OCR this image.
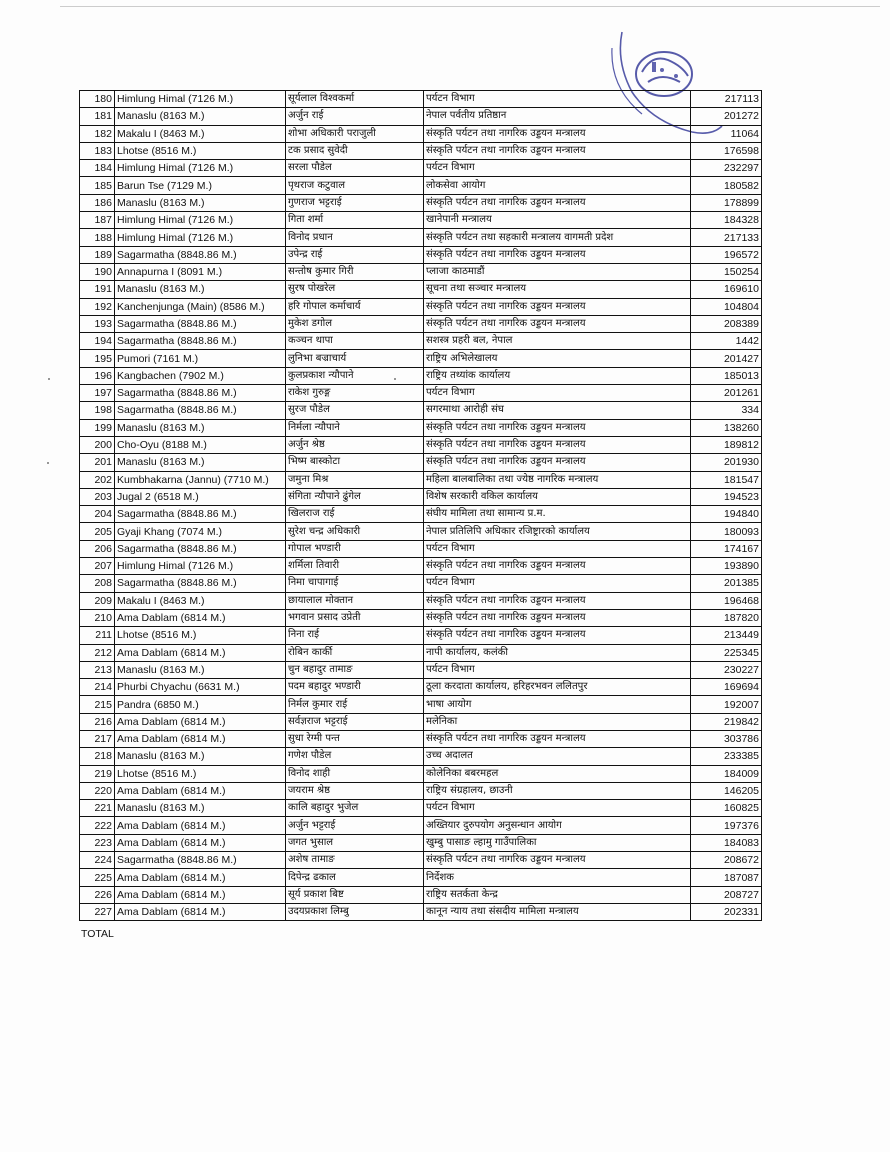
180	Himlung Himal (7126 M.)	सूर्यलाल विश्वकर्मा	पर्यटन विभाग	217113
181	Manaslu (8163 M.)	अर्जुन राई	नेपाल पर्वतीय प्रतिष्ठान	201272
182	Makalu I (8463 M.)	शोभा अधिकारी पराजुली	संस्कृति पर्यटन तथा नागरिक उड्डयन मन्त्रालय	11064
183	Lhotse (8516 M.)	टक प्रसाद सुवेदी	संस्कृति पर्यटन तथा नागरिक उड्डयन मन्त्रालय	176598
184	Himlung Himal (7126 M.)	सरला पौडेल	पर्यटन विभाग	232297
185	Barun Tse (7129 M.)	पृथराज कटुवाल	लोकसेवा आयोग	180582
186	Manaslu (8163 M.)	गुणराज भट्टराई	संस्कृति पर्यटन तथा नागरिक उड्डयन मन्त्रालय	178899
187	Himlung Himal (7126 M.)	गिता शर्मा	खानेपानी मन्त्रालय	184328
188	Himlung Himal (7126 M.)	विनोद प्रधान	संस्कृति पर्यटन तथा सहकारी मन्त्रालय वागमती प्रदेश	217133
189	Sagarmatha (8848.86 M.)	उपेन्द्र राई	संस्कृति पर्यटन तथा नागरिक उड्डयन मन्त्रालय	196572
190	Annapurna I (8091 M.)	सन्तोष कुमार गिरी	प्लाजा काठमाडौं	150254
191	Manaslu (8163 M.)	सुरष पोखरेल	सूचना तथा सञ्चार मन्त्रालय	169610
192	Kanchenjunga (Main) (8586 M.)	हरि गोपाल कर्माचार्य	संस्कृति पर्यटन तथा नागरिक उड्डयन मन्त्रालय	104804
193	Sagarmatha (8848.86 M.)	मुकेश डगोल	संस्कृति पर्यटन तथा नागरिक उड्डयन मन्त्रालय	208389
194	Sagarmatha (8848.86 M.)	कञ्चन थापा	सशस्त्र प्रहरी बल, नेपाल	1442
195	Pumori (7161 M.)	लुनिभा बज्राचार्य	राष्ट्रिय अभिलेखालय	201427
196	Kangbachen (7902 M.)	कुलप्रकाश न्यौपाने	राष्ट्रिय तथ्यांक कार्यालय	185013
197	Sagarmatha (8848.86 M.)	राकेश गुरुङ्ग	पर्यटन विभाग	201261
198	Sagarmatha (8848.86 M.)	सुरज पौडेल	सगरमाथा आरोही संघ	334
199	Manaslu (8163 M.)	निर्मला न्यौपाने	संस्कृति पर्यटन तथा नागरिक उड्डयन मन्त्रालय	138260
200	Cho-Oyu (8188 M.)	अर्जुन श्रेष्ठ	संस्कृति पर्यटन तथा नागरिक उड्डयन मन्त्रालय	189812
201	Manaslu (8163 M.)	भिष्म बास्कोटा	संस्कृति पर्यटन तथा नागरिक उड्डयन मन्त्रालय	201930
202	Kumbhakarna (Jannu) (7710 M.)	जमुना मिश्र	महिला बालबालिका तथा ज्येष्ठ नागरिक मन्त्रालय	181547
203	Jugal 2 (6518 M.)	संगिता न्यौपाने ढुंगेल	विशेष सरकारी वकिल कार्यालय	194523
204	Sagarmatha (8848.86 M.)	खिलराज राई	संघीय मामिला तथा सामान्य प्र.म.	194840
205	Gyaji Khang (7074 M.)	सुरेश चन्द्र अधिकारी	नेपाल प्रतिलिपि अधिकार रजिष्ट्रारको कार्यालय	180093
206	Sagarmatha (8848.86 M.)	गोपाल भण्डारी	पर्यटन विभाग	174167
207	Himlung Himal (7126 M.)	शर्मिला तिवारी	संस्कृति पर्यटन तथा नागरिक उड्डयन मन्त्रालय	193890
208	Sagarmatha (8848.86 M.)	निमा चापागाई	पर्यटन विभाग	201385
209	Makalu I (8463 M.)	छायालाल मोक्तान	संस्कृति पर्यटन तथा नागरिक उड्डयन मन्त्रालय	196468
210	Ama Dablam (6814 M.)	भगवान प्रसाद उप्रेती	संस्कृति पर्यटन तथा नागरिक उड्डयन मन्त्रालय	187820
211	Lhotse (8516 M.)	निना राई	संस्कृति पर्यटन तथा नागरिक उड्डयन मन्त्रालय	213449
212	Ama Dablam (6814 M.)	रोबिन कार्की	नापी कार्यालय, कलंकी	225345
213	Manaslu (8163 M.)	चुन बहादुर तामाङ	पर्यटन विभाग	230227
214	Phurbi Chyachu (6631 M.)	पदम बहादुर भण्डारी	ठूला करदाता कार्यालय, हरिहरभवन ललितपुर	169694
215	Pandra (6850 M.)	निर्मल कुमार राई	भाषा आयोग	192007
216	Ama Dablam (6814 M.)	सर्वज्ञराज भट्टराई	मलेनिका	219842
217	Ama Dablam (6814 M.)	सुधा रेग्मी पन्त	संस्कृति पर्यटन तथा नागरिक उड्डयन मन्त्रालय	303786
218	Manaslu (8163 M.)	गणेश पौडेल	उच्च अदालत	233385
219	Lhotse (8516 M.)	विनोद शाही	कोलेनिका बबरमहल	184009
220	Ama Dablam (6814 M.)	जयराम श्रेष्ठ	राष्ट्रिय संग्रहालय, छाउनी	146205
221	Manaslu (8163 M.)	कालि बहादुर भुजेल	पर्यटन विभाग	160825
222	Ama Dablam (6814 M.)	अर्जुन भट्टराई	अख्तियार दुरुपयोग अनुसन्धान आयोग	197376
223	Ama Dablam (6814 M.)	जगत भुसाल	खुम्बु पासाङ ल्हामु गाउँपालिका	184083
224	Sagarmatha (8848.86 M.)	अशेष तामाङ	संस्कृति पर्यटन तथा नागरिक उड्डयन मन्त्रालय	208672
225	Ama Dablam (6814 M.)	दिपेन्द्र ढकाल	निर्देशक	187087
226	Ama Dablam (6814 M.)	सूर्य प्रकाश बिष्ट	राष्ट्रिय सतर्कता केन्द्र	208727
227	Ama Dablam (6814 M.)	उदयप्रकाश लिम्बु	कानून न्याय तथा संसदीय मामिला मन्त्रालय	202331
TOTAL
